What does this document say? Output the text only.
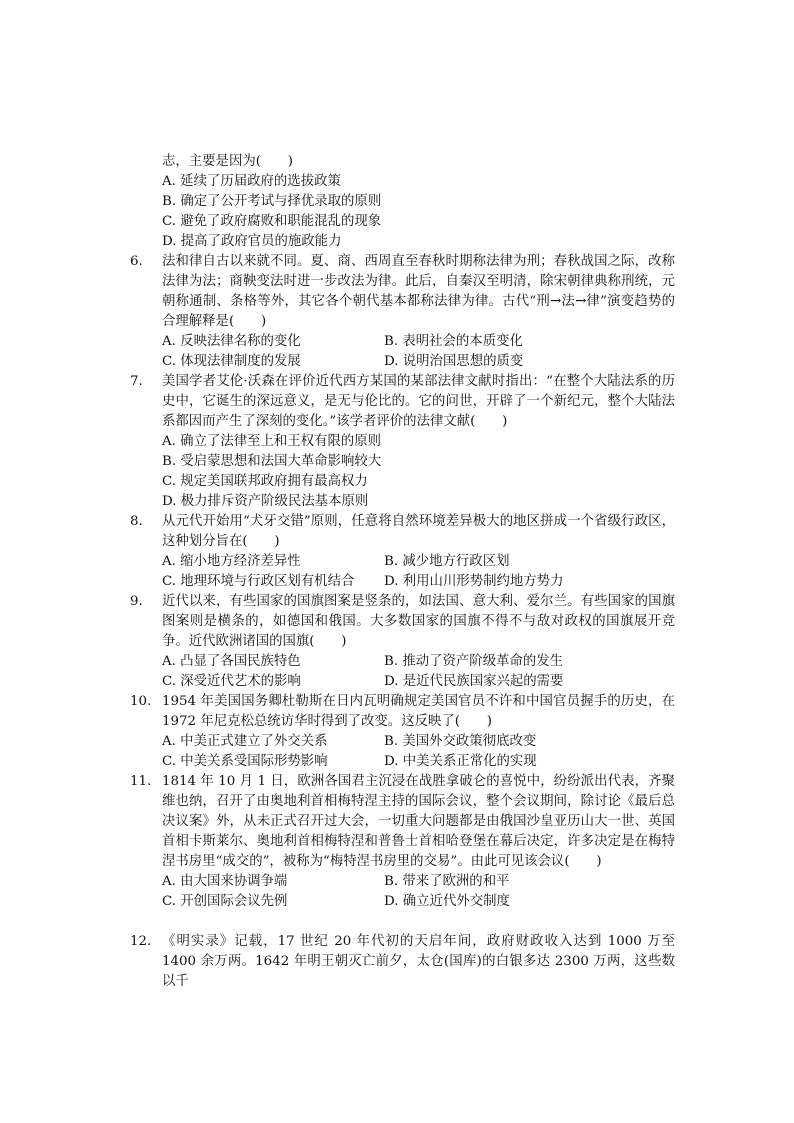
志，主要是因为(　　)
A. 延续了历届政府的选拔政策
B. 确定了公开考试与择优录取的原则
C. 避免了政府腐败和职能混乱的现象
D. 提高了政府官员的施政能力
6.	法和律自古以来就不同。夏、商、西周直至春秋时期称法律为刑；春秋战国之际，改称法律为法；商鞅变法时进一步改法为律。此后，自秦汉至明清，除宋朝律典称刑统，元朝称通制、条格等外，其它各个朝代基本都称法律为律。古代“刑→法→律”演变趋势的合理解释是(　　)
A. 反映法律名称的变化	B. 表明社会的本质变化
C. 体现法律制度的发展	D. 说明治国思想的质变
7.	美国学者艾伦·沃森在评价近代西方某国的某部法律文献时指出：“在整个大陆法系的历史中，它诞生的深远意义，是无与伦比的。它的问世，开辟了一个新纪元，整个大陆法系都因而产生了深刻的变化。”该学者评价的法律文献(　　)
A. 确立了法律至上和王权有限的原则
B. 受启蒙思想和法国大革命影响较大
C. 规定美国联邦政府拥有最高权力
D. 极力排斥资产阶级民法基本原则
8.	从元代开始用“犬牙交错”原则，任意将自然环境差异极大的地区拼成一个省级行政区，这种划分旨在(　　)
A. 缩小地方经济差异性	B. 减少地方行政区划
C. 地理环境与行政区划有机结合	D. 利用山川形势制约地方势力
9.	近代以来，有些国家的国旗图案是竖条的，如法国、意大利、爱尔兰。有些国家的国旗图案则是横条的，如德国和俄国。大多数国家的国旗不得不与敌对政权的国旗展开竞争。近代欧洲诸国的国旗(　　)
A. 凸显了各国民族特色	B. 推动了资产阶级革命的发生
C. 深受近代艺术的影响	D. 是近代民族国家兴起的需要
10. 1954 年美国国务卿杜勒斯在日内瓦明确规定美国官员不许和中国官员握手的历史，在 1972 年尼克松总统访华时得到了改变。这反映了(　　)
A. 中美正式建立了外交关系	B. 美国外交政策彻底改变
C. 中美关系受国际形势影响	D. 中美关系正常化的实现
11. 1814 年 10 月 1 日，欧洲各国君主沉浸在战胜拿破仑的喜悦中，纷纷派出代表，齐聚维也纳，召开了由奥地利首相梅特涅主持的国际会议，整个会议期间，除讨论《最后总决议案》外，从未正式召开过大会，一切重大问题都是由俄国沙皇亚历山大一世、英国首相卡斯莱尔、奥地利首相梅特涅和普鲁士首相哈登堡在幕后决定，许多决定是在梅特涅书房里“成交的”，被称为“梅特涅书房里的交易”。由此可见该会议(　　)
A. 由大国来协调争端	B. 带来了欧洲的和平
C. 开创国际会议先例	D. 确立近代外交制度
12. 《明实录》记载，17 世纪 20 年代初的天启年间，政府财政收入达到 1000 万至 1400 余万两。1642 年明王朝灭亡前夕，太仓(国库)的白银多达 2300 万两，这些数以千
